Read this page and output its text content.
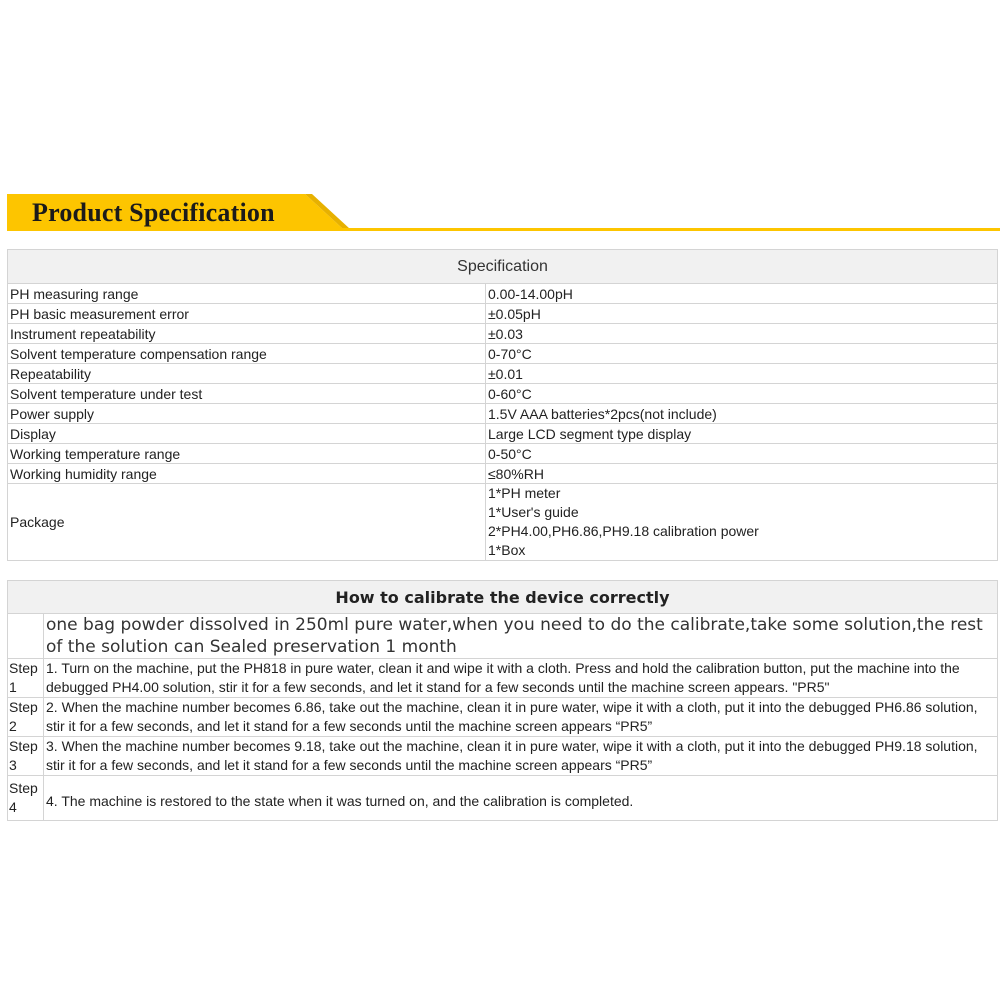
Product Specification
Specification	
PH measuring range	0.00-14.00pH
PH basic measurement error	±0.05pH
Instrument repeatability	±0.03
Solvent temperature compensation range	0-70°C
Repeatability	±0.01
Solvent temperature under test	0-60°C
Power supply	1.5V AAA batteries*2pcs(not include)
Display	Large LCD segment type display
Working temperature range	0-50°C
Working humidity range	≤80%RH
Package	1*PH meter
1*User's guide
2*PH4.00,PH6.86,PH9.18 calibration power
1*Box
How to calibrate the device correctly	
	one bag powder dissolved in 250ml pure water,when you need to do the calibrate,take some solution,the rest of the solution can Sealed preservation 1 month
Step1	1. Turn on the machine, put the PH818 in pure water, clean it and wipe it with a cloth. Press and hold the calibration button, put the machine into the debugged PH4.00 solution, stir it for a few seconds, and let it stand for a few seconds until the machine screen appears. "PR5"
Step 2	2. When the machine number becomes 6.86, take out the machine, clean it in pure water, wipe it with a cloth, put it into the debugged PH6.86 solution, stir it for a few seconds, and let it stand for a few seconds until the machine screen appears “PR5”
Step 3	3. When the machine number becomes 9.18, take out the machine, clean it in pure water, wipe it with a cloth, put it into the debugged PH9.18 solution, stir it for a few seconds, and let it stand for a few seconds until the machine screen appears “PR5”
Step 4	4. The machine is restored to the state when it was turned on, and the calibration is completed.
